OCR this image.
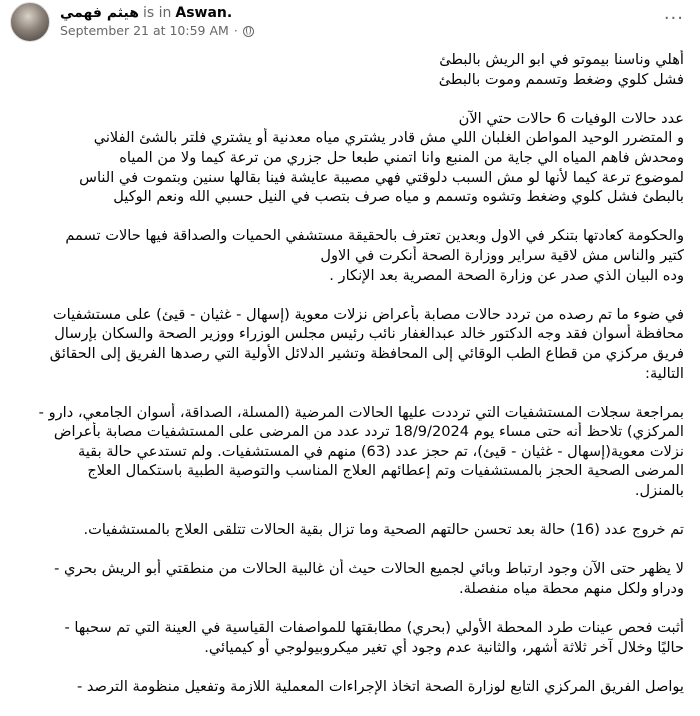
هيثم فهمي is in Aswan.
September 21 at 10:59 AM ·
···
أهلي وناسنا بيموتو في ابو الريش بالبطئ
فشل كلوي وضغط وتسمم وموت بالبطئ
عدد حالات الوفيات 6 حالات حتي الآن
و المتضرر الوحيد المواطن الغلبان اللي مش قادر يشتري مياه معدنية أو يشتري فلتر بالشئ الفلاني
ومحدش فاهم المياه الي جاية من المنبع وانا اتمني طبعا حل جزري من ترعة كيما ولا من المياه
لموضوع ترعة كيما لأنها لو مش السبب دلوقتي فهي مصيبة عايشة فينا بقالها سنين وبتموت في الناس
بالبطئ فشل كلوي وضغط وتشوه وتسمم و مياه صرف بتصب في النيل حسبي الله ونعم الوكيل
والحكومة كعادتها بتنكر في الاول وبعدين تعترف بالحقيقة مستشفي الحميات والصداقة فيها حالات تسمم
كتير والناس مش لاقية سراير ووزارة الصحة أنكرت في الاول
وده البيان الذي صدر عن وزارة الصحة المصرية بعد الإنكار .
في ضوء ما تم رصده من تردد حالات مصابة بأعراض نزلات معوية (إسهال - غثيان - قيئ) على مستشفيات
محافظة أسوان فقد وجه الدكتور خالد عبدالغفار نائب رئيس مجلس الوزراء ووزير الصحة والسكان بإرسال
فريق مركزي من قطاع الطب الوقائي إلى المحافظة وتشير الدلائل الأولية التي رصدها الفريق إلى الحقائق
التالية:
بمراجعة سجلات المستشفيات التي ترددت عليها الحالات المرضية (المسلة، الصداقة، أسوان الجامعي، دارو -
المركزي) تلاحظ أنه حتى مساء يوم 18/9/2024 تردد عدد من المرضى على المستشفيات مصابة بأعراض
نزلات معوية(إسهال - غثيان - قيئ)، تم حجز عدد (63) منهم في المستشفيات. ولم تستدعي حالة بقية
المرضى الصحية الحجز بالمستشفيات وتم إعطائهم العلاج المناسب والتوصية الطبية باستكمال العلاج
بالمنزل.
تم خروج عدد (16) حالة بعد تحسن حالتهم الصحية وما تزال بقية الحالات تتلقى العلاج بالمستشفيات.
لا يظهر حتى الآن وجود ارتباط وبائي لجميع الحالات حيث أن غالبية الحالات من منطقتي أبو الريش بحري -
ودراو ولكل منهم محطة مياه منفصلة.
أثبت فحص عينات طرد المحطة الأولي (بحري) مطابقتها للمواصفات القياسية في العينة التي تم سحبها -
حاليًا وخلال آخر ثلاثة أشهر، والثانية عدم وجود أي تغير ميكروبيولوجي أو كيميائي.
يواصل الفريق المركزي التابع لوزارة الصحة اتخاذ الإجراءات المعملية اللازمة وتفعيل منظومة الترصد -
